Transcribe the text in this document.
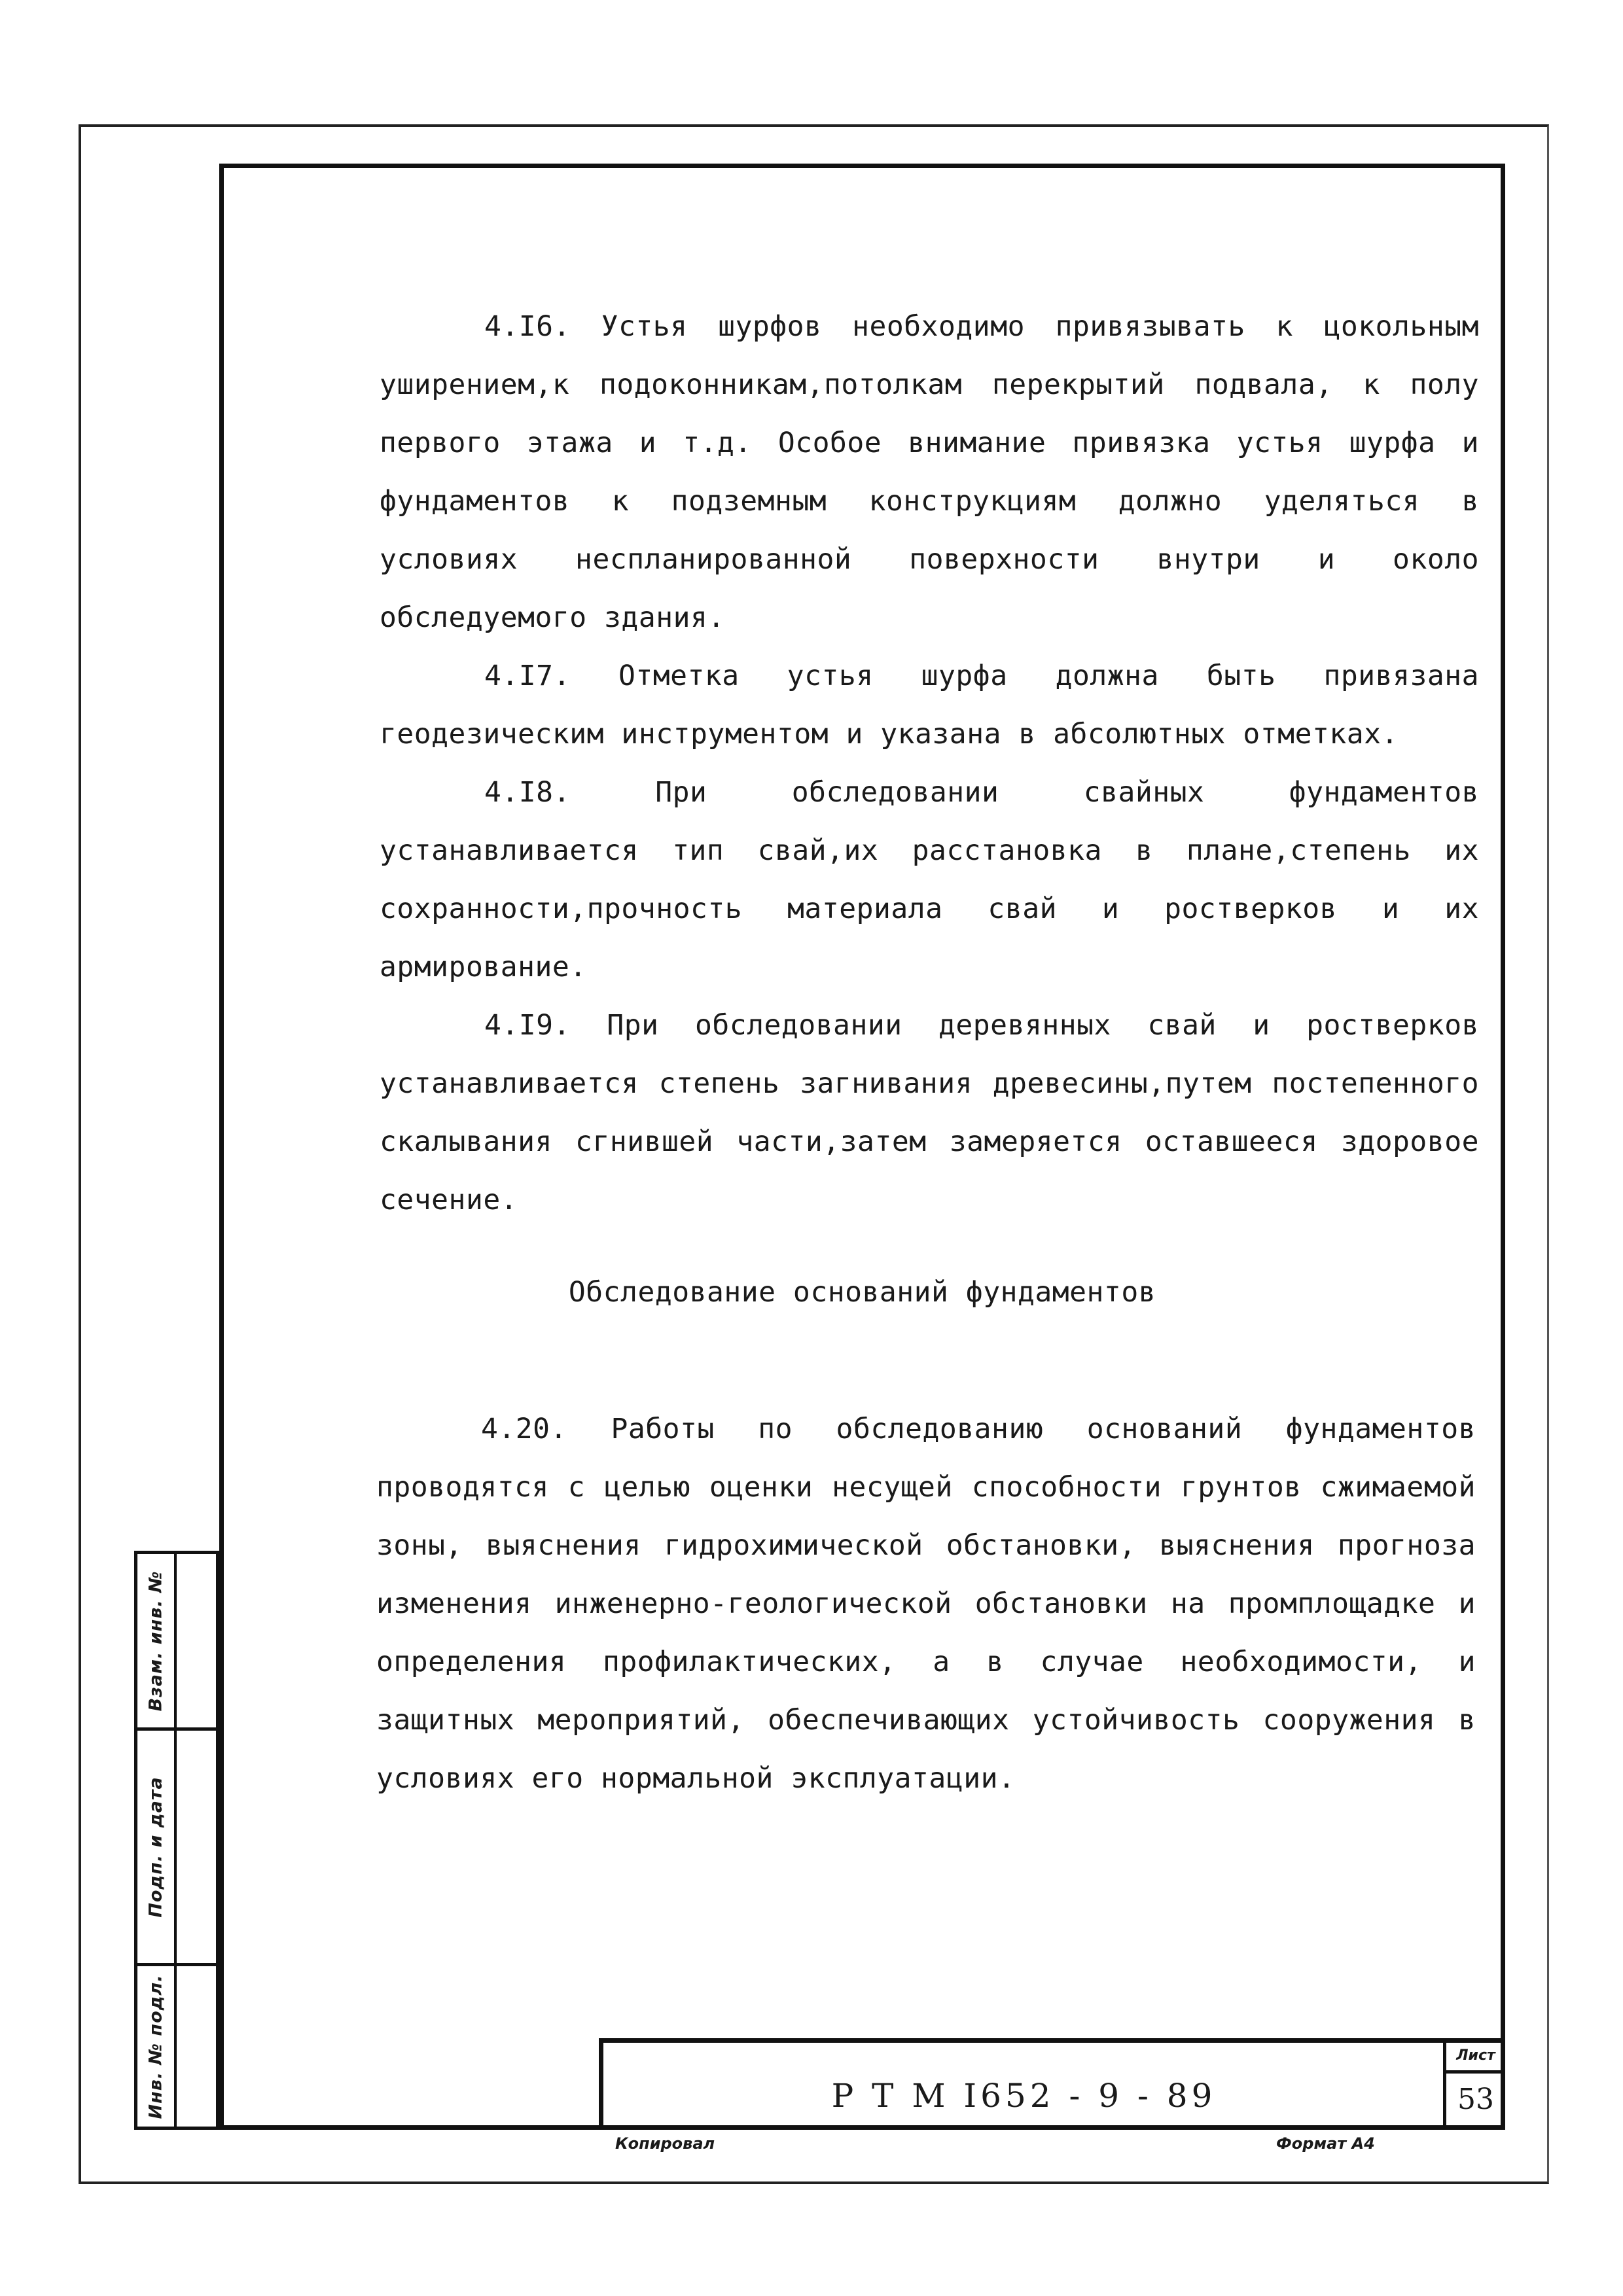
Взам. инв. №
Подп. и дата
Инв. № подл.

4.I6. Устья шурфов необходимо привязывать к цокольным уширением,к подоконникам,потолкам перекрытий подвала, к полу первого этажа и т.д. Особое внимание привязка устья шурфа и фундаментов к подземным конструкциям должно уделяться в условиях неспланированной поверхности внутри и около обследуемого здания.

4.I7. Отметка устья шурфа должна быть привязана геодезическим инструментом и указана в абсолютных отметках.

4.I8. При обследовании свайных фундаментов устанавливается тип свай,их расстановка в плане,степень их сохранности,прочность материала свай и ростверков и их армирование.

4.I9. При обследовании деревянных свай и ростверков устанавливается степень загнивания древесины,путем постепенного скалывания сгнившей части,затем замеряется оставшееся здоровое сечение.

Обследование оснований фундаментов

4.20. Работы по обследованию оснований фундаментов проводятся с целью оценки несущей способности грунтов сжимаемой зоны, выяснения гидрохимической обстановки, выяснения прогноза изменения инженерно-геологической обстановки на промплощадке и определения профилактических, а в случае необходимости, и защитных мероприятий, обеспечивающих устойчивость сооружения в условиях его нормальной эксплуатации.

Р Т М I652 - 9 - 89
Лист
53
Копировал	Формат А4
